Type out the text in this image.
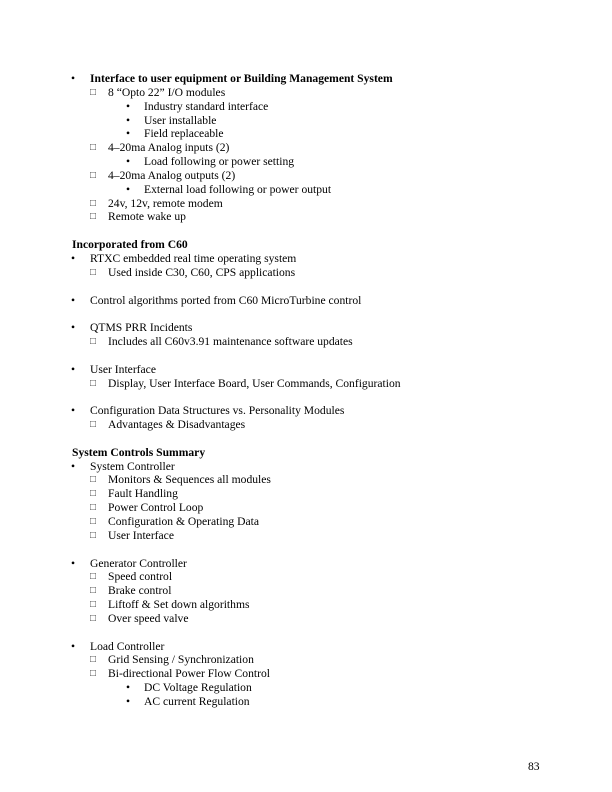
• Interface to user equipment or Building Management System
□ 8 “Opto 22” I/O modules
• Industry standard interface
• User installable
• Field replaceable
□ 4–20ma Analog inputs (2)
• Load following or power setting
□ 4–20ma Analog outputs (2)
• External load following or power output
□ 24v, 12v, remote modem
□ Remote wake up
Incorporated from C60
• RTXC embedded real time operating system
□ Used inside C30, C60, CPS applications
• Control algorithms ported from C60 MicroTurbine control
• QTMS PRR Incidents
□ Includes all C60v3.91 maintenance software updates
• User Interface
□ Display, User Interface Board, User Commands, Configuration
• Configuration Data Structures vs. Personality Modules
□ Advantages & Disadvantages
System Controls Summary
• System Controller
□ Monitors & Sequences all modules
□ Fault Handling
□ Power Control Loop
□ Configuration & Operating Data
□ User Interface
• Generator Controller
□ Speed control
□ Brake control
□ Liftoff & Set down algorithms
□ Over speed valve
• Load Controller
□ Grid Sensing / Synchronization
□ Bi-directional Power Flow Control
• DC Voltage Regulation
• AC current Regulation
83
